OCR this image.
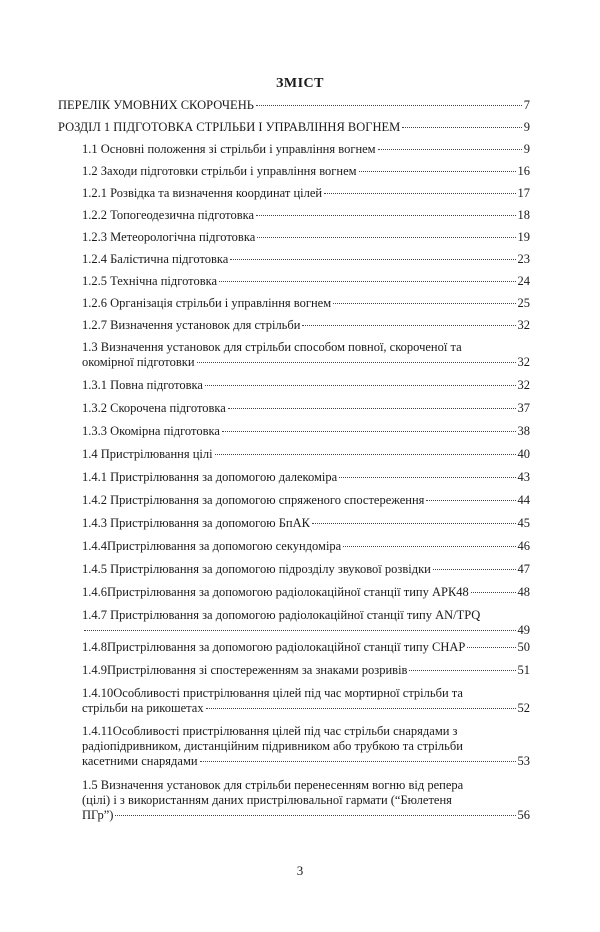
ЗМІСТ
ПЕРЕЛІК УМОВНИХ СКОРОЧЕНЬ	7
РОЗДІЛ 1 ПІДГОТОВКА СТРІЛЬБИ І УПРАВЛІННЯ ВОГНЕМ	9
1.1 Основні положення зі стрільби і управління вогнем	9
1.2 Заходи підготовки стрільби і управління вогнем	16
1.2.1 Розвідка та визначення координат цілей	17
1.2.2 Топогеодезична підготовка	18
1.2.3 Метеорологічна підготовка	19
1.2.4 Балістична підготовка	23
1.2.5 Технічна підготовка	24
1.2.6 Організація стрільби і управління вогнем	25
1.2.7 Визначення установок для стрільби	32
1.3 Визначення установок для стрільби способом повної, скороченої та
окомірної підготовки	32
1.3.1 Повна підготовка	32
1.3.2 Скорочена підготовка	37
1.3.3 Окомірна підготовка	38
1.4 Пристрілювання цілі	40
1.4.1 Пристрілювання за допомогою далекоміра	43
1.4.2 Пристрілювання за допомогою спряженого спостереження	44
1.4.3 Пристрілювання за допомогою БпАК	45
1.4.4Пристрілювання за допомогою секундоміра	46
1.4.5 Пристрілювання за допомогою підрозділу звукової розвідки	47
1.4.6Пристрілювання за допомогою радіолокаційної станції типу АРК48	48
1.4.7 Пристрілювання за допомогою радіолокаційної станції типу AN/TPQ
49
1.4.8Пристрілювання за допомогою радіолокаційної станції типу CHAP	50
1.4.9Пристрілювання зі спостереженням за знаками розривів	51
1.4.10Особливості пристрілювання цілей під час мортирної стрільби та
стрільби на рикошетах	52
1.4.11Особливості пристрілювання цілей під час стрільби снарядами з
радіопідривником, дистанційним підривником або трубкою та стрільби
касетними снарядами	53
1.5 Визначення установок для стрільби перенесенням вогню від репера
(цілі) і з використанням даних пристрілювальної гармати (“Бюлетеня
ПГр”)	56
3
